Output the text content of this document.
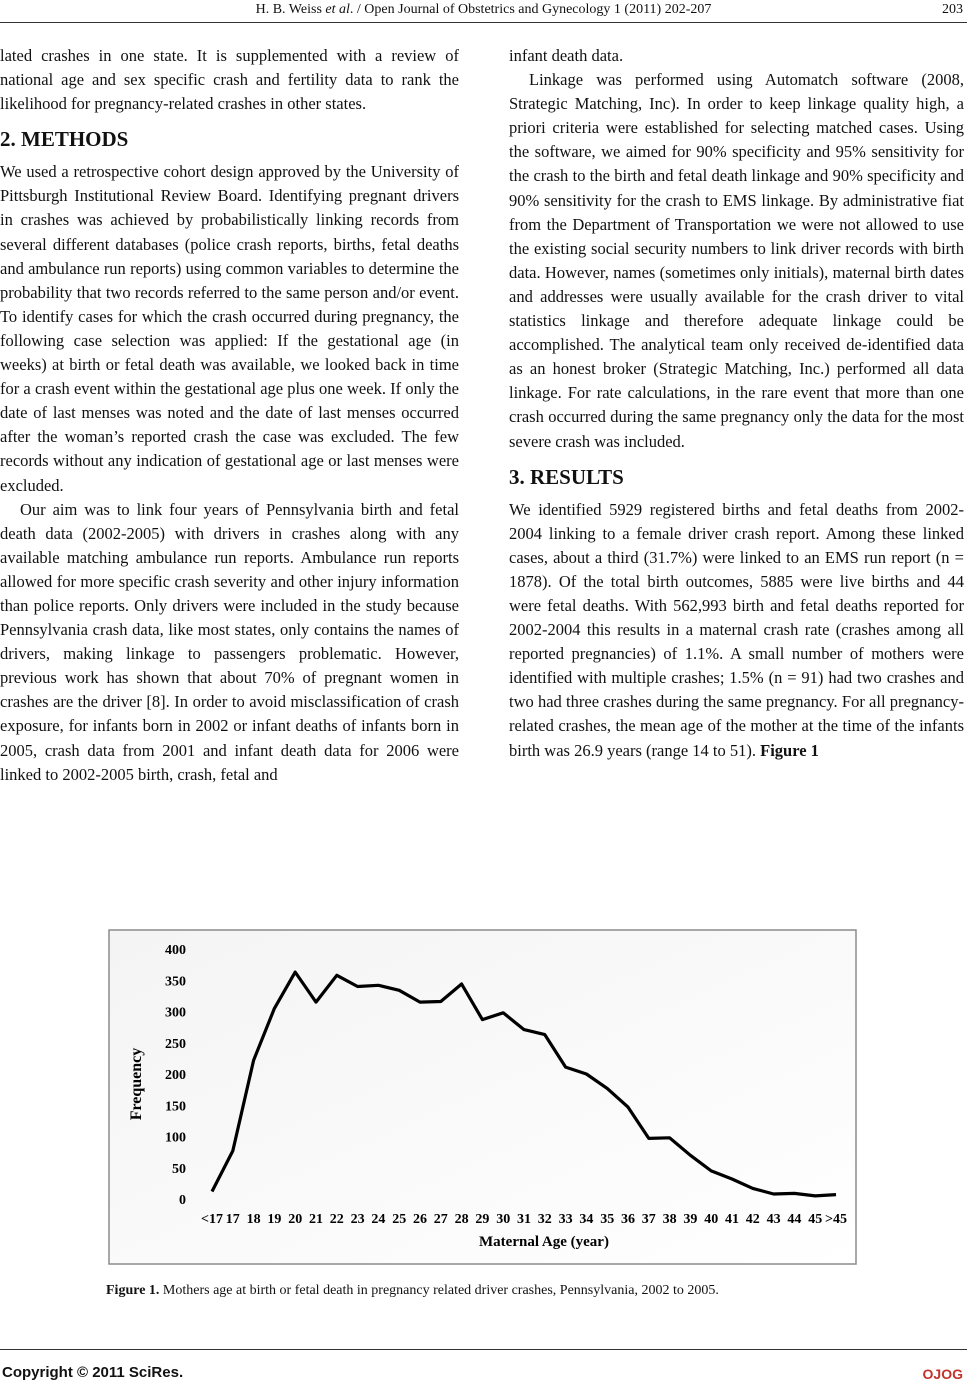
H. B. Weiss et al. / Open Journal of Obstetrics and Gynecology 1 (2011) 202-207	203

lated crashes in one state. It is supplemented with a review of national age and sex specific crash and fertility data to rank the likelihood for pregnancy-related crashes in other states.

2. METHODS

We used a retrospective cohort design approved by the University of Pittsburgh Institutional Review Board. Identifying pregnant drivers in crashes was achieved by probabilistically linking records from several different databases (police crash reports, births, fetal deaths and ambulance run reports) using common variables to determine the probability that two records referred to the same person and/or event. To identify cases for which the crash occurred during pregnancy, the following case selection was applied: If the gestational age (in weeks) at birth or fetal death was available, we looked back in time for a crash event within the gestational age plus one week. If only the date of last menses was noted and the date of last menses occurred after the woman’s reported crash the case was excluded. The few records without any indication of gestational age or last menses were excluded.

Our aim was to link four years of Pennsylvania birth and fetal death data (2002-2005) with drivers in crashes along with any available matching ambulance run reports. Ambulance run reports allowed for more specific crash severity and other injury information than police reports. Only drivers were included in the study because Pennsylvania crash data, like most states, only contains the names of drivers, making linkage to passengers problematic. However, previous work has shown that about 70% of pregnant women in crashes are the driver [8]. In order to avoid misclassification of crash exposure, for infants born in 2002 or infant deaths of infants born in 2005, crash data from 2001 and infant death data for 2006 were linked to 2002-2005 birth, crash, fetal and

infant death data.

Linkage was performed using Automatch software (2008, Strategic Matching, Inc). In order to keep linkage quality high, a priori criteria were established for selecting matched cases. Using the software, we aimed for 90% specificity and 95% sensitivity for the crash to the birth and fetal death linkage and 90% specificity and 90% sensitivity for the crash to EMS linkage. By administrative fiat from the Department of Transportation we were not allowed to use the existing social security numbers to link driver records with birth data. However, names (sometimes only initials), maternal birth dates and addresses were usually available for the crash driver to vital statistics linkage and therefore adequate linkage could be accomplished. The analytical team only received de-identified data as an honest broker (Strategic Matching, Inc.) performed all data linkage. For rate calculations, in the rare event that more than one crash occurred during the same pregnancy only the data for the most severe crash was included.

3. RESULTS

We identified 5929 registered births and fetal deaths from 2002-2004 linking to a female driver crash report. Among these linked cases, about a third (31.7%) were linked to an EMS run report (n = 1878). Of the total birth outcomes, 5885 were live births and 44 were fetal deaths. With 562,993 birth and fetal deaths reported for 2002-2004 this results in a maternal crash rate (crashes among all reported pregnancies) of 1.1%. A small number of mothers were identified with multiple crashes; 1.5% (n = 91) had two crashes and two had three crashes during the same pregnancy. For all pregnancy-related crashes, the mean age of the mother at the time of the infants birth was 26.9 years (range 14 to 51). Figure 1

0
50
100
150
200
250
300
350
400
<17 17 18 19 20 21 22 23 24 25 26 27 28 29 30 31 32 33 34 35 36 37 38 39 40 41 42 43 44 45 >45
Frequency
Maternal Age (year)
Figure 1. Mothers age at birth or fetal death in pregnancy related driver crashes, Pennsylvania, 2002 to 2005.
Copyright © 2011 SciRes.	OJOG
